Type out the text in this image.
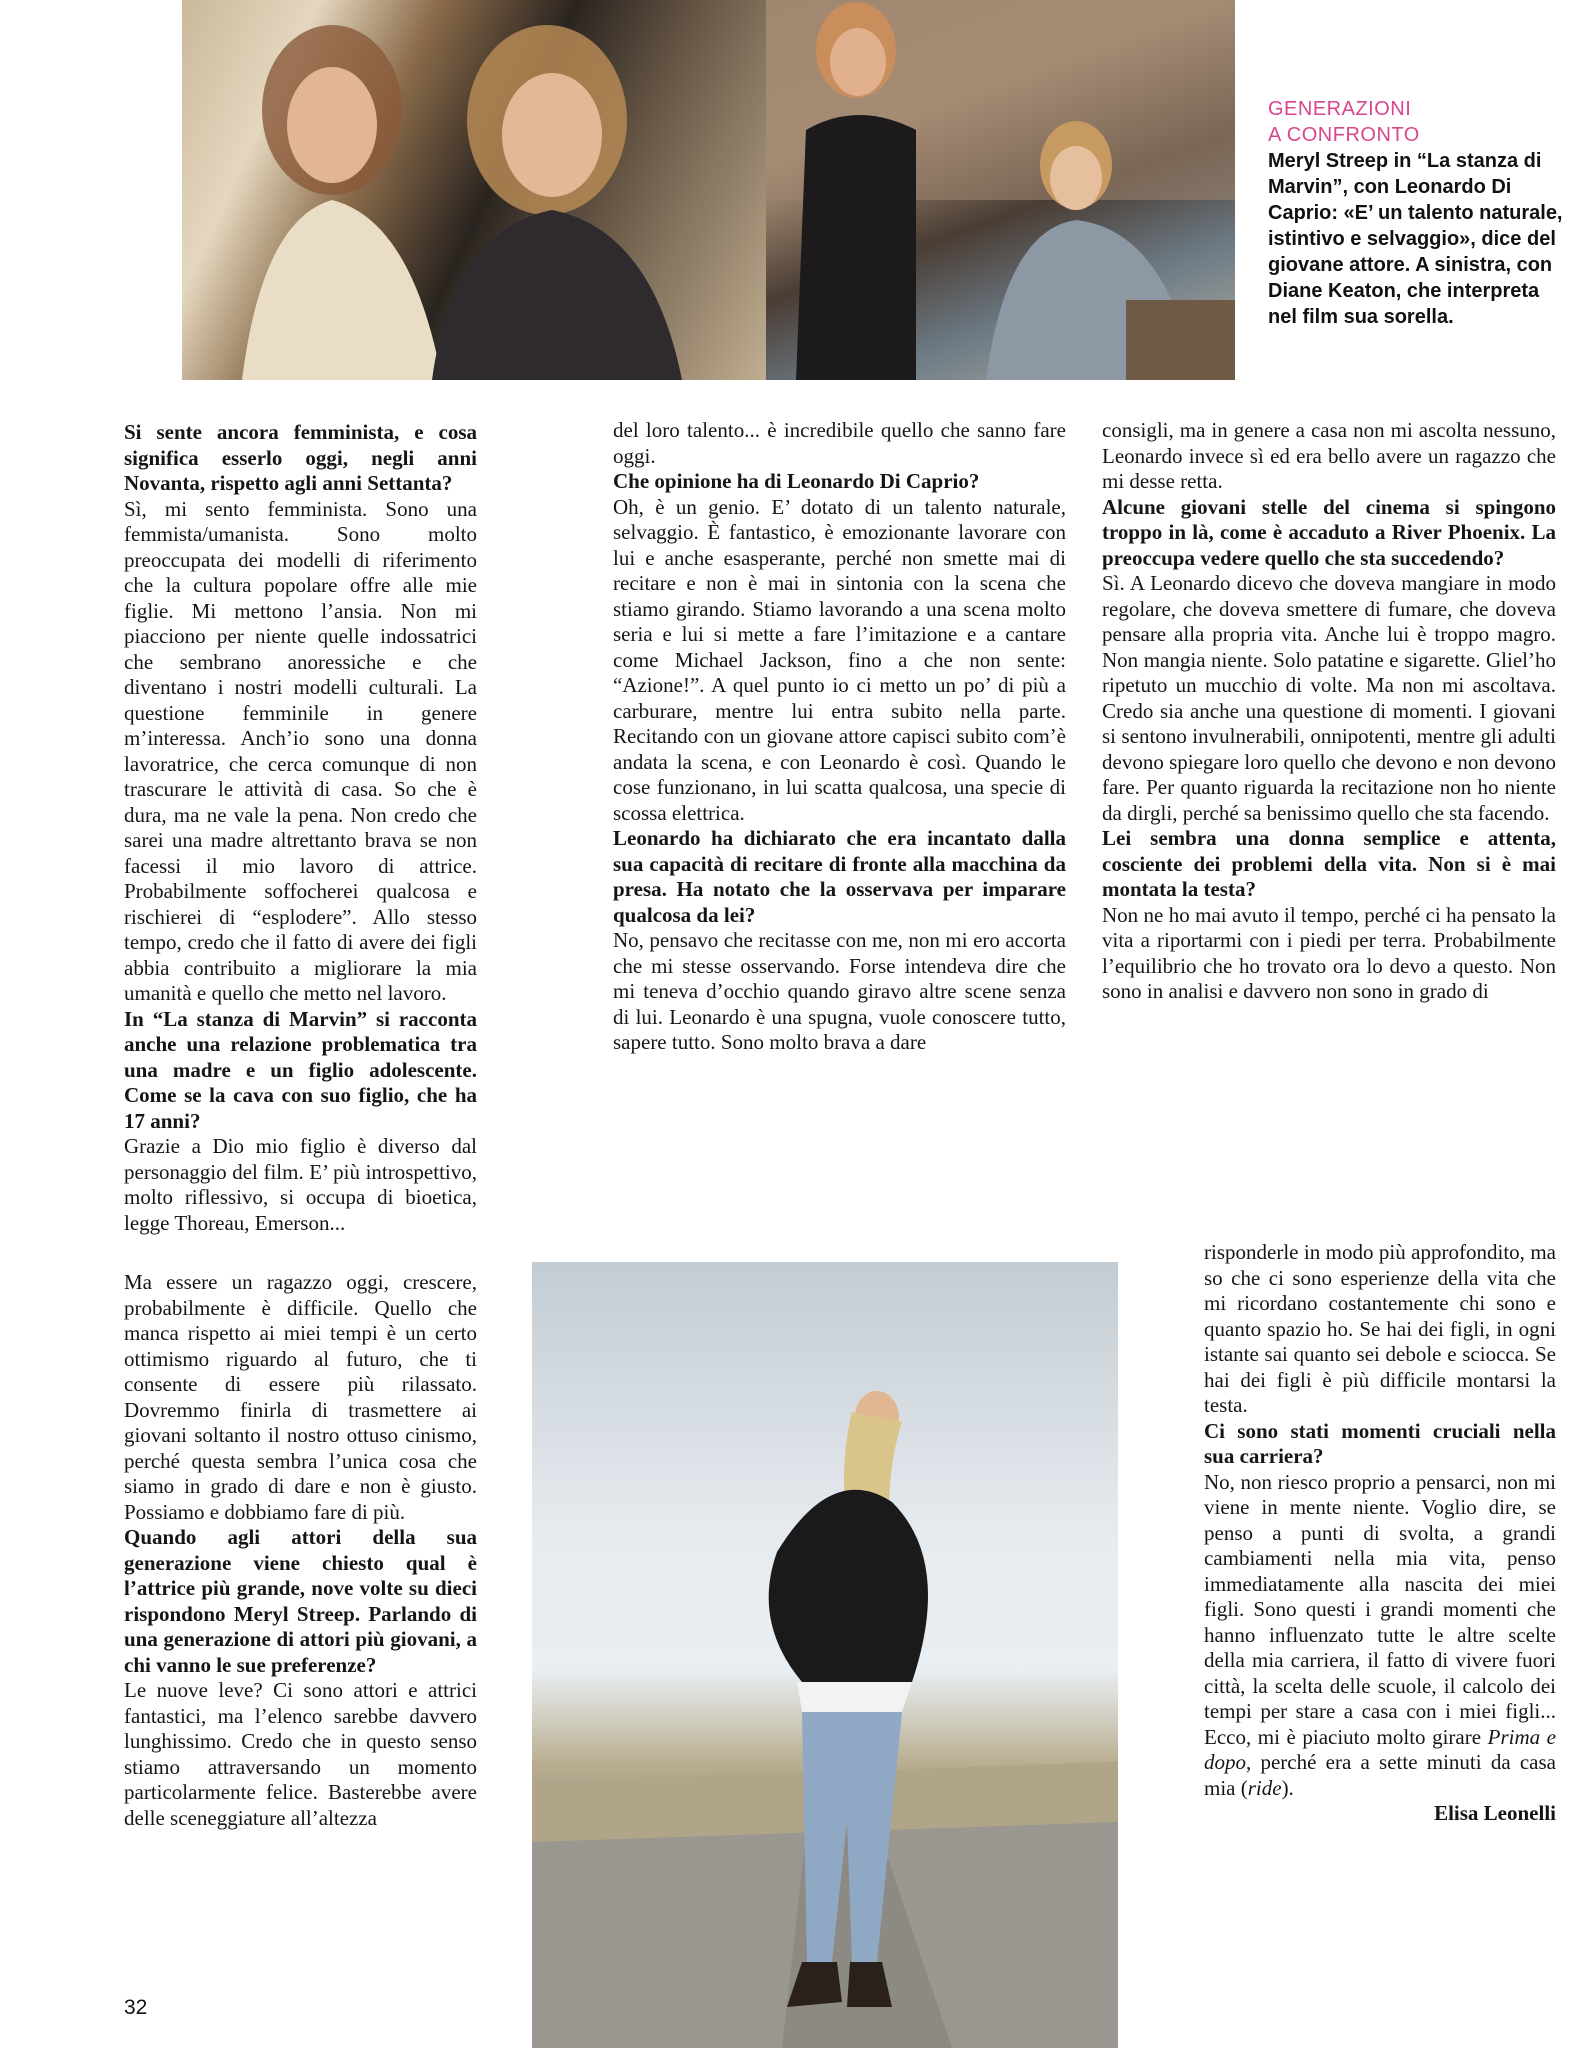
GENERAZIONI
A CONFRONTO
Meryl Streep in “La stanza di Marvin”, con Leonardo Di Caprio: «E’ un talento naturale, istintivo e selvaggio», dice del giovane attore. A sinistra, con Diane Keaton, che interpreta nel film sua sorella.

Si sente ancora femminista, e cosa significa esserlo oggi, negli anni Novanta, rispetto agli anni Settanta?

Sì, mi sento femminista. Sono una femmista/umanista. Sono molto preoccupata dei modelli di riferimento che la cultura popolare offre alle mie figlie. Mi mettono l’ansia. Non mi piacciono per niente quelle indossatrici che sembrano anoressiche e che diventano i nostri modelli culturali. La questione femminile in genere m’interessa. Anch’io sono una donna lavoratrice, che cerca comunque di non trascurare le attività di casa. So che è dura, ma ne vale la pena. Non credo che sarei una madre altrettanto brava se non facessi il mio lavoro di attrice. Probabilmente soffocherei qualcosa e rischierei di “esplodere”. Allo stesso tempo, credo che il fatto di avere dei figli abbia contribuito a migliorare la mia umanità e quello che metto nel lavoro.

In “La stanza di Marvin” si racconta anche una relazione problematica tra una madre e un figlio adolescente. Come se la cava con suo figlio, che ha 17 anni?

Grazie a Dio mio figlio è diverso dal personaggio del film. E’ più introspettivo, molto riflessivo, si occupa di bioetica, legge Thoreau, Emerson...

Ma essere un ragazzo oggi, crescere, probabilmente è difficile. Quello che manca rispetto ai miei tempi è un certo ottimismo riguardo al futuro, che ti consente di essere più rilassato. Dovremmo finirla di trasmettere ai giovani soltanto il nostro ottuso cinismo, perché questa sembra l’unica cosa che siamo in grado di dare e non è giusto. Possiamo e dobbiamo fare di più.

Quando agli attori della sua generazione viene chiesto qual è l’attrice più grande, nove volte su dieci rispondono Meryl Streep. Parlando di una generazione di attori più giovani, a chi vanno le sue preferenze?

Le nuove leve? Ci sono attori e attrici fantastici, ma l’elenco sarebbe davvero lunghissimo. Credo che in questo senso stiamo attraversando un momento particolarmente felice. Basterebbe avere delle sceneggiature all’altezza

del loro talento... è incredibile quello che sanno fare oggi.

Che opinione ha di Leonardo Di Caprio?

Oh, è un genio. E’ dotato di un talento naturale, selvaggio. È fantastico, è emozionante lavorare con lui e anche esasperante, perché non smette mai di recitare e non è mai in sintonia con la scena che stiamo girando. Stiamo lavorando a una scena molto seria e lui si mette a fare l’imitazione e a cantare come Michael Jackson, fino a che non sente: “Azione!”. A quel punto io ci metto un po’ di più a carburare, mentre lui entra subito nella parte. Recitando con un giovane attore capisci subito com’è andata la scena, e con Leonardo è così. Quando le cose funzionano, in lui scatta qualcosa, una specie di scossa elettrica.

Leonardo ha dichiarato che era incantato dalla sua capacità di recitare di fronte alla macchina da presa. Ha notato che la osservava per imparare qualcosa da lei?

No, pensavo che recitasse con me, non mi ero accorta che mi stesse osservando. Forse intendeva dire che mi teneva d’occhio quando giravo altre scene senza di lui. Leonardo è una spugna, vuole conoscere tutto, sapere tutto. Sono molto brava a dare

consigli, ma in genere a casa non mi ascolta nessuno, Leonardo invece sì ed era bello avere un ragazzo che mi desse retta.

Alcune giovani stelle del cinema si spingono troppo in là, come è accaduto a River Phoenix. La preoccupa vedere quello che sta succedendo?

Sì. A Leonardo dicevo che doveva mangiare in modo regolare, che doveva smettere di fumare, che doveva pensare alla propria vita. Anche lui è troppo magro. Non mangia niente. Solo patatine e sigarette. Gliel’ho ripetuto un mucchio di volte. Ma non mi ascoltava. Credo sia anche una questione di momenti. I giovani si sentono invulnerabili, onnipotenti, mentre gli adulti devono spiegare loro quello che devono e non devono fare. Per quanto riguarda la recitazione non ho niente da dirgli, perché sa benissimo quello che sta facendo.

Lei sembra una donna semplice e attenta, cosciente dei problemi della vita. Non si è mai montata la testa?

Non ne ho mai avuto il tempo, perché ci ha pensato la vita a riportarmi con i piedi per terra. Probabilmente l’equilibrio che ho trovato ora lo devo a questo. Non sono in analisi e davvero non sono in grado di

risponderle in modo più approfondito, ma so che ci sono esperienze della vita che mi ricordano costantemente chi sono e quanto spazio ho. Se hai dei figli, in ogni istante sai quanto sei debole e sciocca. Se hai dei figli è più difficile montarsi la testa.

Ci sono stati momenti cruciali nella sua carriera?

No, non riesco proprio a pensarci, non mi viene in mente niente. Voglio dire, se penso a punti di svolta, a grandi cambiamenti nella mia vita, penso immediatamente alla nascita dei miei figli. Sono questi i grandi momenti che hanno influenzato tutte le altre scelte della mia carriera, il fatto di vivere fuori città, la scelta delle scuole, il calcolo dei tempi per stare a casa con i miei figli... Ecco, mi è piaciuto molto girare Prima e dopo, perché era a sette minuti da casa mia (ride).

Elisa Leonelli

32
